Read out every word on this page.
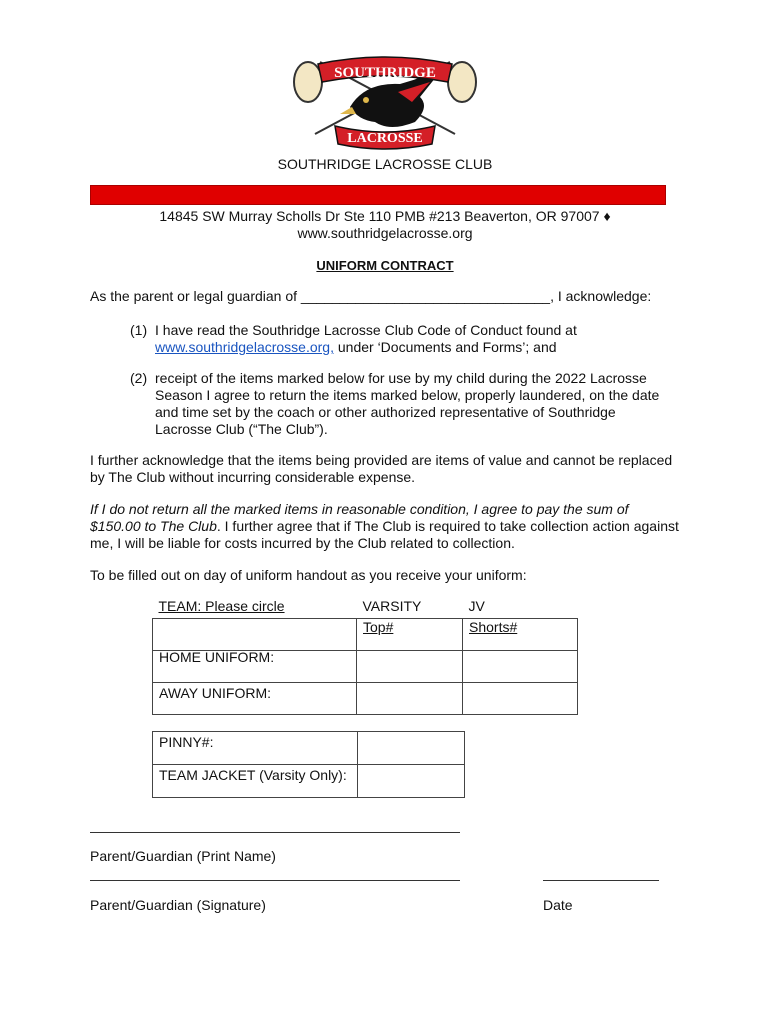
SOUTHRIDGE
LACROSSE
SOUTHRIDGE LACROSSE CLUB
14845 SW Murray Scholls Dr Ste 110 PMB #213 Beaverton, OR 97007 ♦
www.southridgelacrosse.org
UNIFORM CONTRACT
As the parent or legal guardian of ________________________________, I acknowledge:
(1) I have read the Southridge Lacrosse Club Code of Conduct found at
www.southridgelacrosse.org, under ‘Documents and Forms’; and
(2) receipt of the items marked below for use by my child during the 2022 Lacrosse Season I agree to return the items marked below, properly laundered, on the date and time set by the coach or other authorized representative of Southridge Lacrosse Club (“The Club”).
I further acknowledge that the items being provided are items of value and cannot be replaced by The Club without incurring considerable expense.
If I do not return all the marked items in reasonable condition, I agree to pay the sum of $150.00 to The Club. I further agree that if The Club is required to take collection action against me, I will be liable for costs incurred by the Club related to collection.
To be filled out on day of uniform handout as you receive your uniform:
TEAM: Please circle	VARSITY	JV
	Top#	Shorts#
HOME UNIFORM:		
AWAY UNIFORM:		
PINNY#:	
TEAM JACKET (Varsity Only):	
Parent/Guardian (Print Name)
Parent/Guardian (Signature)	Date
